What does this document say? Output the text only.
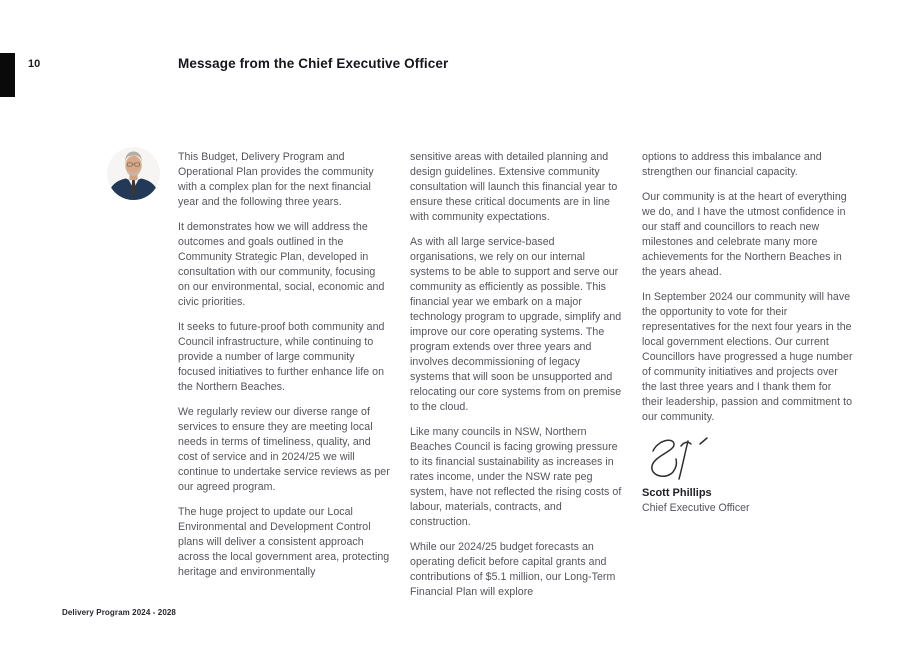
10	Message from the Chief Executive Officer

This Budget, Delivery Program and Operational Plan provides the community with a complex plan for the next financial year and the following three years.

It demonstrates how we will address the outcomes and goals outlined in the Community Strategic Plan, developed in consultation with our community, focusing on our environmental, social, economic and civic priorities.

It seeks to future-proof both community and Council infrastructure, while continuing to provide a number of large community focused initiatives to further enhance life on the Northern Beaches.

We regularly review our diverse range of services to ensure they are meeting local needs in terms of timeliness, quality, and cost of service and in 2024/25 we will continue to undertake service reviews as per our agreed program.

The huge project to update our Local Environmental and Development Control plans will deliver a consistent approach across the local government area, protecting heritage and environmentally

sensitive areas with detailed planning and design guidelines. Extensive community consultation will launch this financial year to ensure these critical documents are in line with community expectations.

As with all large service-based organisations, we rely on our internal systems to be able to support and serve our community as efficiently as possible. This financial year we embark on a major technology program to upgrade, simplify and improve our core operating systems. The program extends over three years and involves decommissioning of legacy systems that will soon be unsupported and relocating our core systems from on premise to the cloud.

Like many councils in NSW, Northern Beaches Council is facing growing pressure to its financial sustainability as increases in rates income, under the NSW rate peg system, have not reflected the rising costs of labour, materials, contracts, and construction.

While our 2024/25 budget forecasts an operating deficit before capital grants and contributions of $5.1 million, our Long-Term Financial Plan will explore

options to address this imbalance and strengthen our financial capacity.

Our community is at the heart of everything we do, and I have the utmost confidence in our staff and councillors to reach new milestones and celebrate many more achievements for the Northern Beaches in the years ahead.

In September 2024 our community will have the opportunity to vote for their representatives for the next four years in the local government elections. Our current Councillors have progressed a huge number of community initiatives and projects over the last three years and I thank them for their leadership, passion and commitment to our community.

Scott Phillips
Chief Executive Officer
Delivery Program 2024 - 2028
